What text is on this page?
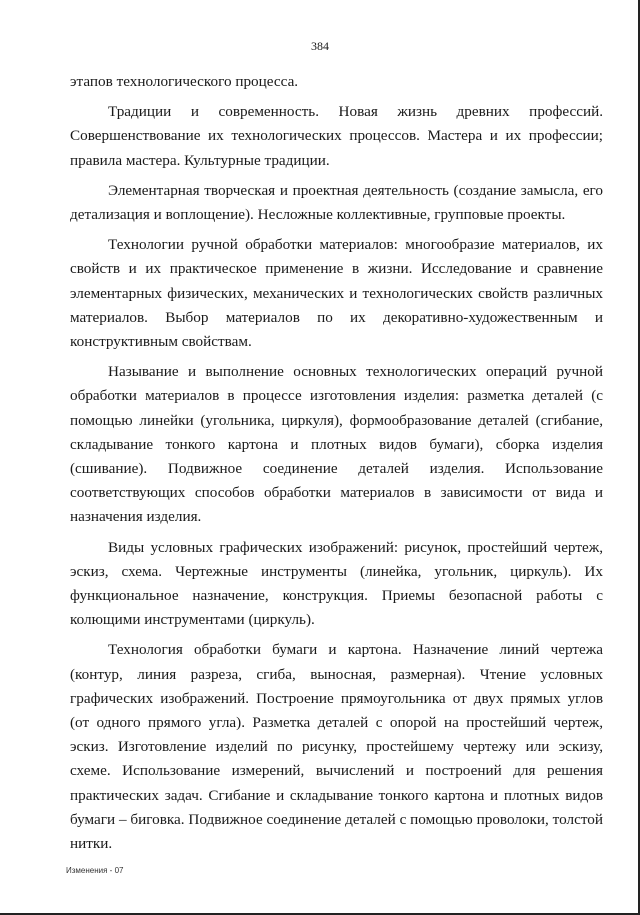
384

этапов технологического процесса.

Традиции и современность. Новая жизнь древних профессий. Совершенствование их технологических процессов. Мастера и их профессии; правила мастера. Культурные традиции.

Элементарная творческая и проектная деятельность (создание замысла, его детализация и воплощение). Несложные коллективные, групповые проекты.

Технологии ручной обработки материалов: многообразие материалов, их свойств и их практическое применение в жизни. Исследование и сравнение элементарных физических, механических и технологических свойств различных материалов. Выбор материалов по их декоративно-художественным и конструктивным свойствам.

Называние и выполнение основных технологических операций ручной обработки материалов в процессе изготовления изделия: разметка деталей (с помощью линейки (угольника, циркуля), формообразование деталей (сгибание, складывание тонкого картона и плотных видов бумаги), сборка изделия (сшивание). Подвижное соединение деталей изделия. Использование соответствующих способов обработки материалов в зависимости от вида и назначения изделия.

Виды условных графических изображений: рисунок, простейший чертеж, эскиз, схема. Чертежные инструменты (линейка, угольник, циркуль). Их функциональное назначение, конструкция. Приемы безопасной работы с колющими инструментами (циркуль).

Технология обработки бумаги и картона. Назначение линий чертежа (контур, линия разреза, сгиба, выносная, размерная). Чтение условных графических изображений. Построение прямоугольника от двух прямых углов (от одного прямого угла). Разметка деталей с опорой на простейший чертеж, эскиз. Изготовление изделий по рисунку, простейшему чертежу или эскизу, схеме. Использование измерений, вычислений и построений для решения практических задач. Сгибание и складывание тонкого картона и плотных видов бумаги – биговка. Подвижное соединение деталей с помощью проволоки, толстой нитки.

Изменения - 07
